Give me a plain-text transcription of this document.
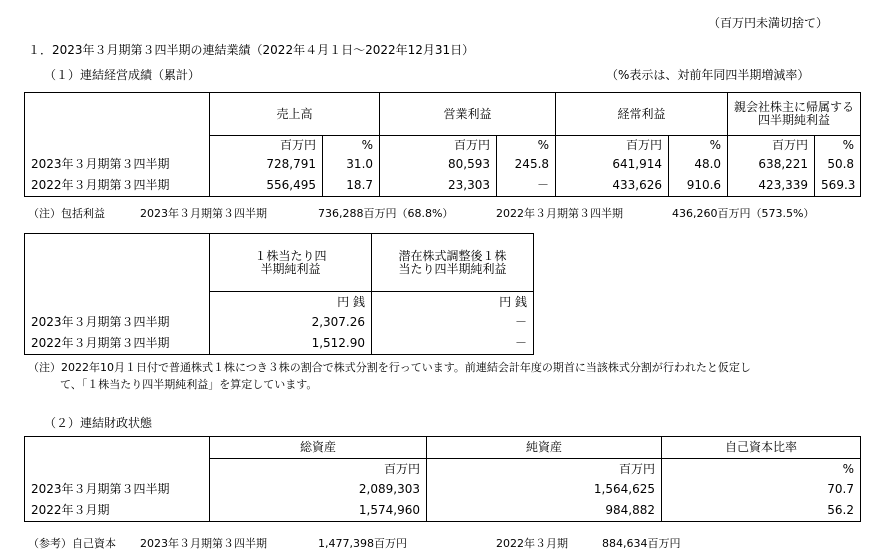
（百万円未満切捨て）
１．2023年３月期第３四半期の連結業績（2022年４月１日～2022年12月31日）
（１）連結経営成績（累計）	（%表示は、対前年同四半期増減率）
	売上高		営業利益		経常利益		親会社株主に帰属する四半期純利益	
	百万円	%	百万円	%	百万円	%	百万円	%
2023年３月期第３四半期	728,791	31.0	80,593	245.8	641,914	48.0	638,221	50.8
2022年３月期第３四半期	556,495	18.7	23,303	－	433,626	910.6	423,339	569.3
（注）包括利益	2023年３月期第３四半期	736,288百万円（68.8%）	2022年３月期第３四半期	436,260百万円（573.5%）
	１株当たり四半期純利益	潜在株式調整後１株当たり四半期純利益
	円 銭	円 銭
2023年３月期第３四半期	2,307.26	－
2022年３月期第３四半期	1,512.90	－
（注）2022年10月１日付で普通株式１株につき３株の割合で株式分割を行っています。前連結会計年度の期首に当該株式分割が行われたと仮定し
て、「１株当たり四半期純利益」を算定しています。
（２）連結財政状態
	総資産	純資産	自己資本比率
	百万円	百万円	%
2023年３月期第３四半期	2,089,303	1,564,625	70.7
2022年３月期	1,574,960	984,882	56.2
（参考）自己資本 2023年３月期第３四半期	1,477,398百万円	2022年３月期	884,634百万円
